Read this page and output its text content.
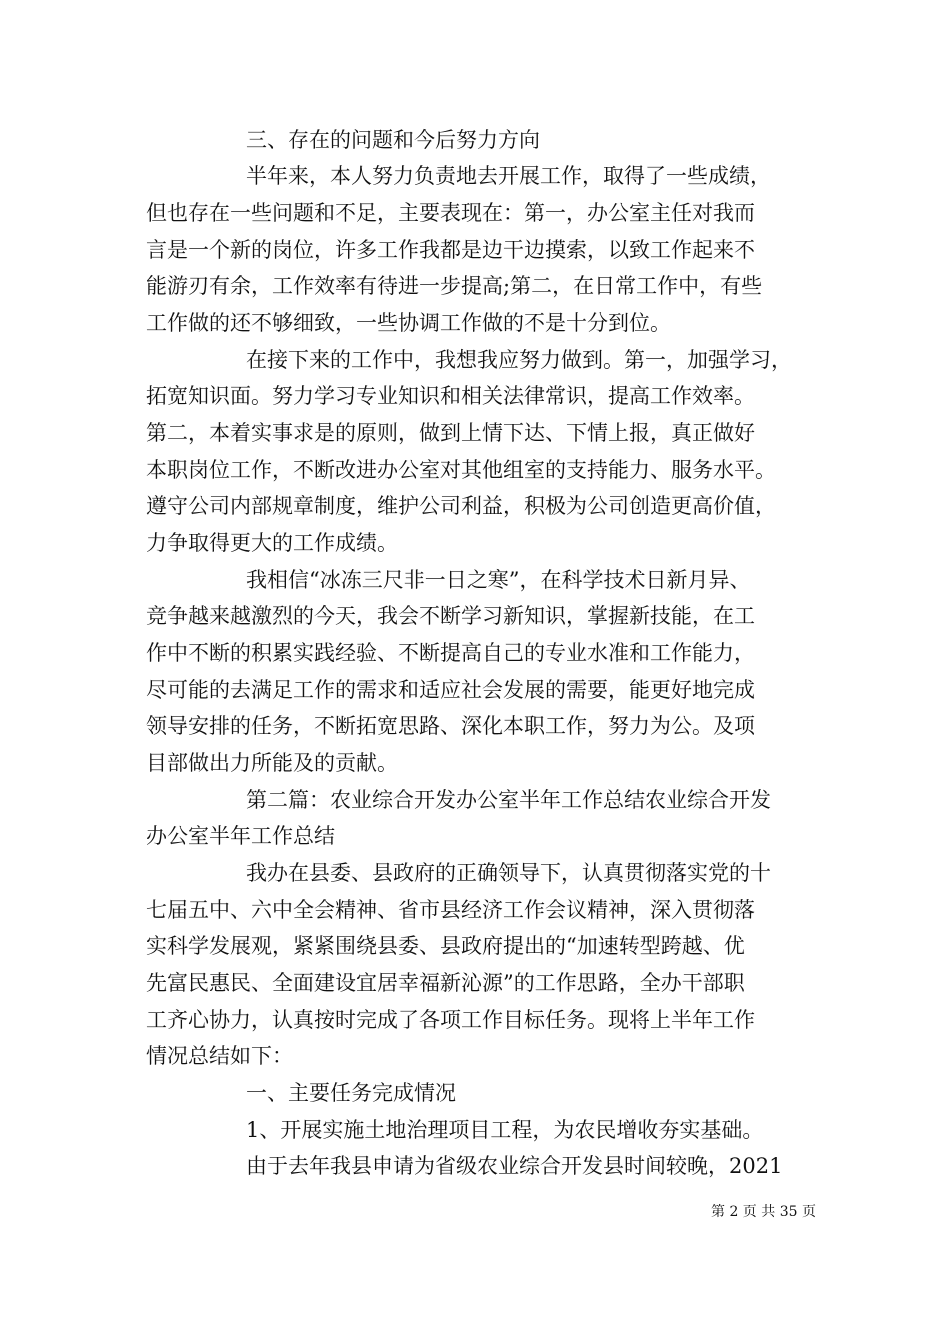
三、存在的问题和今后努力方向
半年来，本人努力负责地去开展工作，取得了一些成绩，
但也存在一些问题和不足，主要表现在：第一，办公室主任对我而
言是一个新的岗位，许多工作我都是边干边摸索，以致工作起来不
能游刃有余，工作效率有待进一步提高;第二，在日常工作中，有些
工作做的还不够细致，一些协调工作做的不是十分到位。
在接下来的工作中，我想我应努力做到。第一，加强学习，
拓宽知识面。努力学习专业知识和相关法律常识，提高工作效率。
第二，本着实事求是的原则，做到上情下达、下情上报，真正做好
本职岗位工作，不断改进办公室对其他组室的支持能力、服务水平。
遵守公司内部规章制度，维护公司利益，积极为公司创造更高价值，
力争取得更大的工作成绩。
我相信“冰冻三尺非一日之寒”，在科学技术日新月异、
竞争越来越激烈的今天，我会不断学习新知识，掌握新技能，在工
作中不断的积累实践经验、不断提高自己的专业水准和工作能力，
尽可能的去满足工作的需求和适应社会发展的需要，能更好地完成
领导安排的任务，不断拓宽思路、深化本职工作，努力为公。及项
目部做出力所能及的贡献。
第二篇：农业综合开发办公室半年工作总结农业综合开发
办公室半年工作总结
我办在县委、县政府的正确领导下，认真贯彻落实党的十
七届五中、六中全会精神、省市县经济工作会议精神，深入贯彻落
实科学发展观，紧紧围绕县委、县政府提出的“加速转型跨越、优
先富民惠民、全面建设宜居幸福新沁源”的工作思路，全办干部职
工齐心协力，认真按时完成了各项工作目标任务。现将上半年工作
情况总结如下：
一、主要任务完成情况
1、开展实施土地治理项目工程，为农民增收夯实基础。
由于去年我县申请为省级农业综合开发县时间较晚，2021
第 2 页 共 35 页
